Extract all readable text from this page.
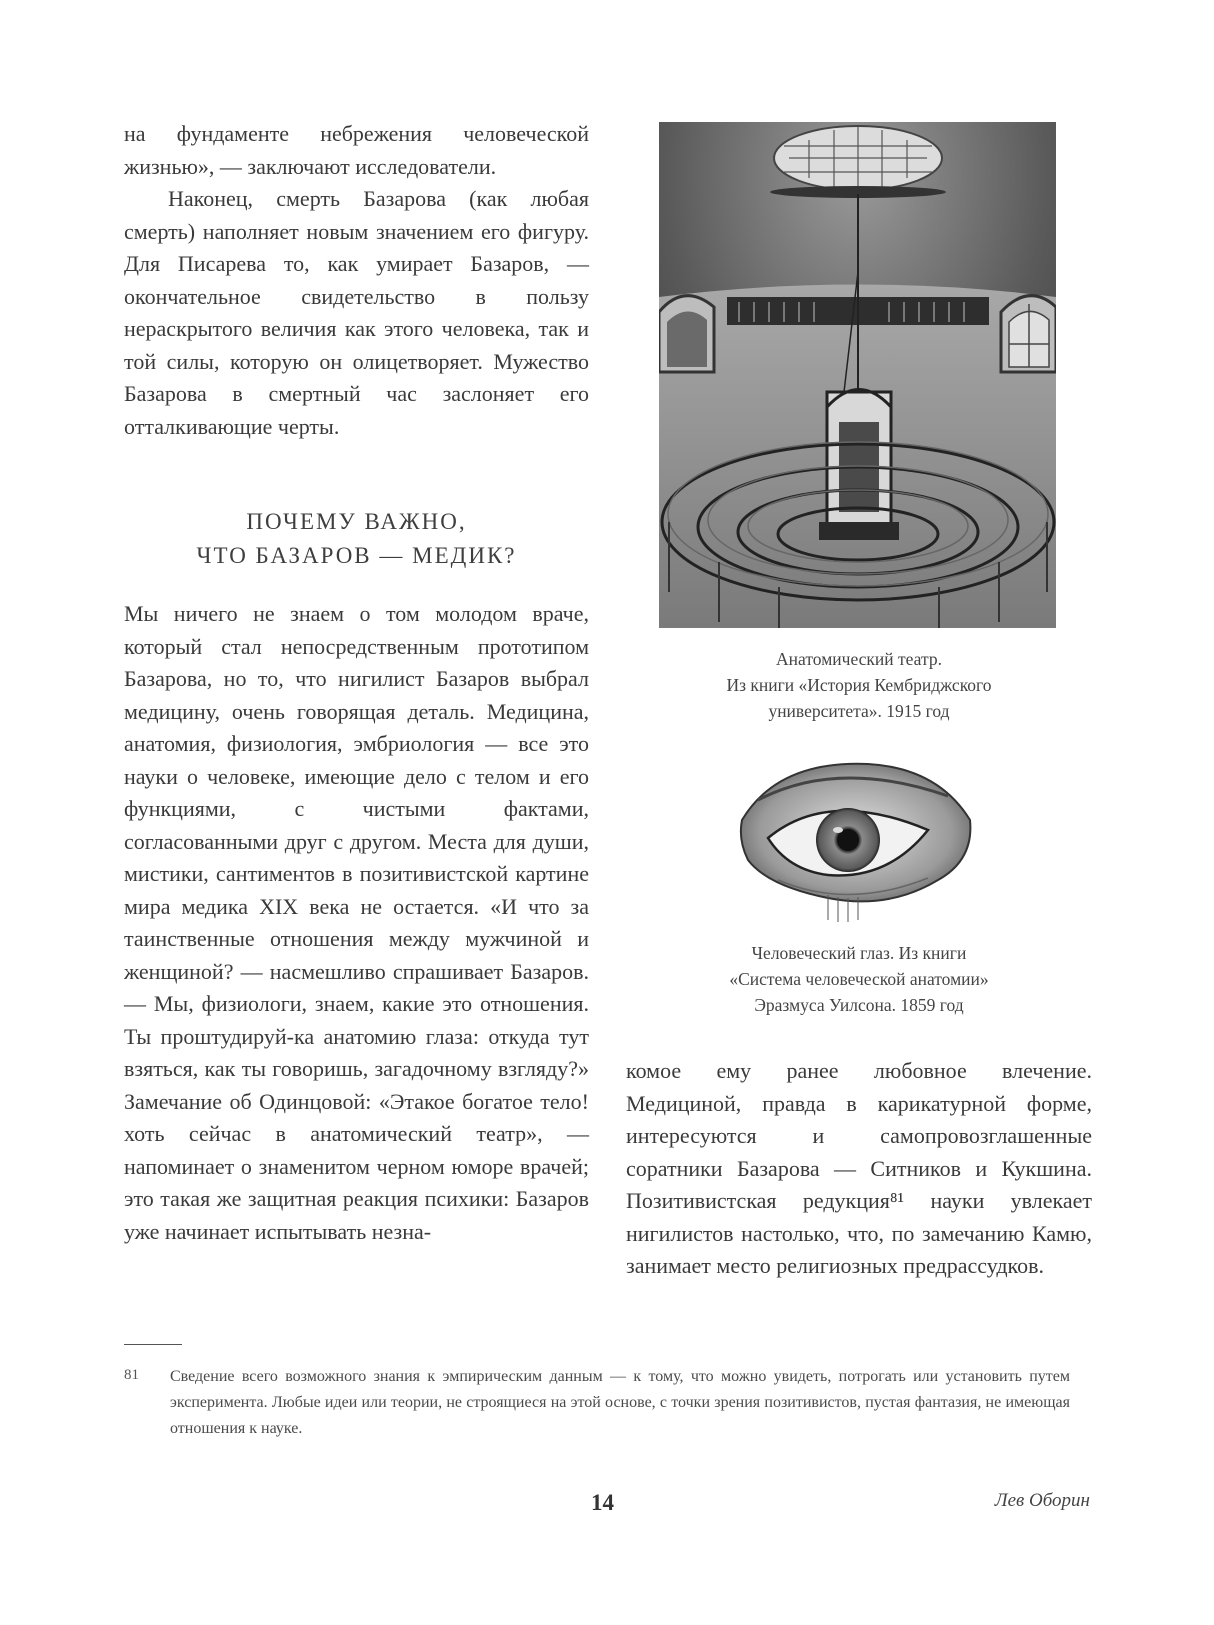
на фундаменте небрежения человеческой жизнью», — заключают исследователи.

Наконец, смерть Базарова (как любая смерть) наполняет новым значением его фигуру. Для Писарева то, как умирает Базаров, — окончательное свидетельство в пользу нераскрытого величия как этого человека, так и той силы, которую он олицетворяет. Мужество Базарова в смертный час заслоняет его отталкивающие черты.

ПОЧЕМУ ВАЖНО,
ЧТО БАЗАРОВ — МЕДИК?

Мы ничего не знаем о том молодом враче, который стал непосредственным прототипом Базарова, но то, что нигилист Базаров выбрал медицину, очень говорящая деталь. Медицина, анатомия, физиология, эмбриология — все это науки о человеке, имеющие дело с телом и его функциями, с чистыми фактами, согласованными друг с другом. Места для души, мистики, сантиментов в позитивистской картине мира медика XIX века не остается. «И что за таинственные отношения между мужчиной и женщиной? — насмешливо спрашивает Базаров. — Мы, физиологи, знаем, какие это отношения. Ты проштудируй-ка анатомию глаза: откуда тут взяться, как ты говоришь, загадочному взгляду?» Замечание об Одинцовой: «Этакое богатое тело! хоть сейчас в анатомический театр», — напоминает о знаменитом черном юморе врачей; это такая же защитная реакция психики: Базаров уже начинает испытывать незна-

Анатомический театр.
Из книги «История Кембриджского
университета». 1915 год
Человеческий глаз. Из книги
«Система человеческой анатомии»
Эразмуса Уилсона. 1859 год

комое ему ранее любовное влечение. Медициной, правда в карикатурной форме, интересуются и самопровозглашенные соратники Базарова — Ситников и Кукшина. Позитивистская редукция⁸¹ науки увлекает нигилистов настолько, что, по замечанию Камю, занимает место религиозных предрассудков.

81 Сведение всего возможного знания к эмпирическим данным — к тому, что можно увидеть, потрогать или установить путем эксперимента. Любые идеи или теории, не строящиеся на этой основе, с точки зрения позитивистов, пустая фантазия, не имеющая отношения к науке.
14	Лев Оборин
